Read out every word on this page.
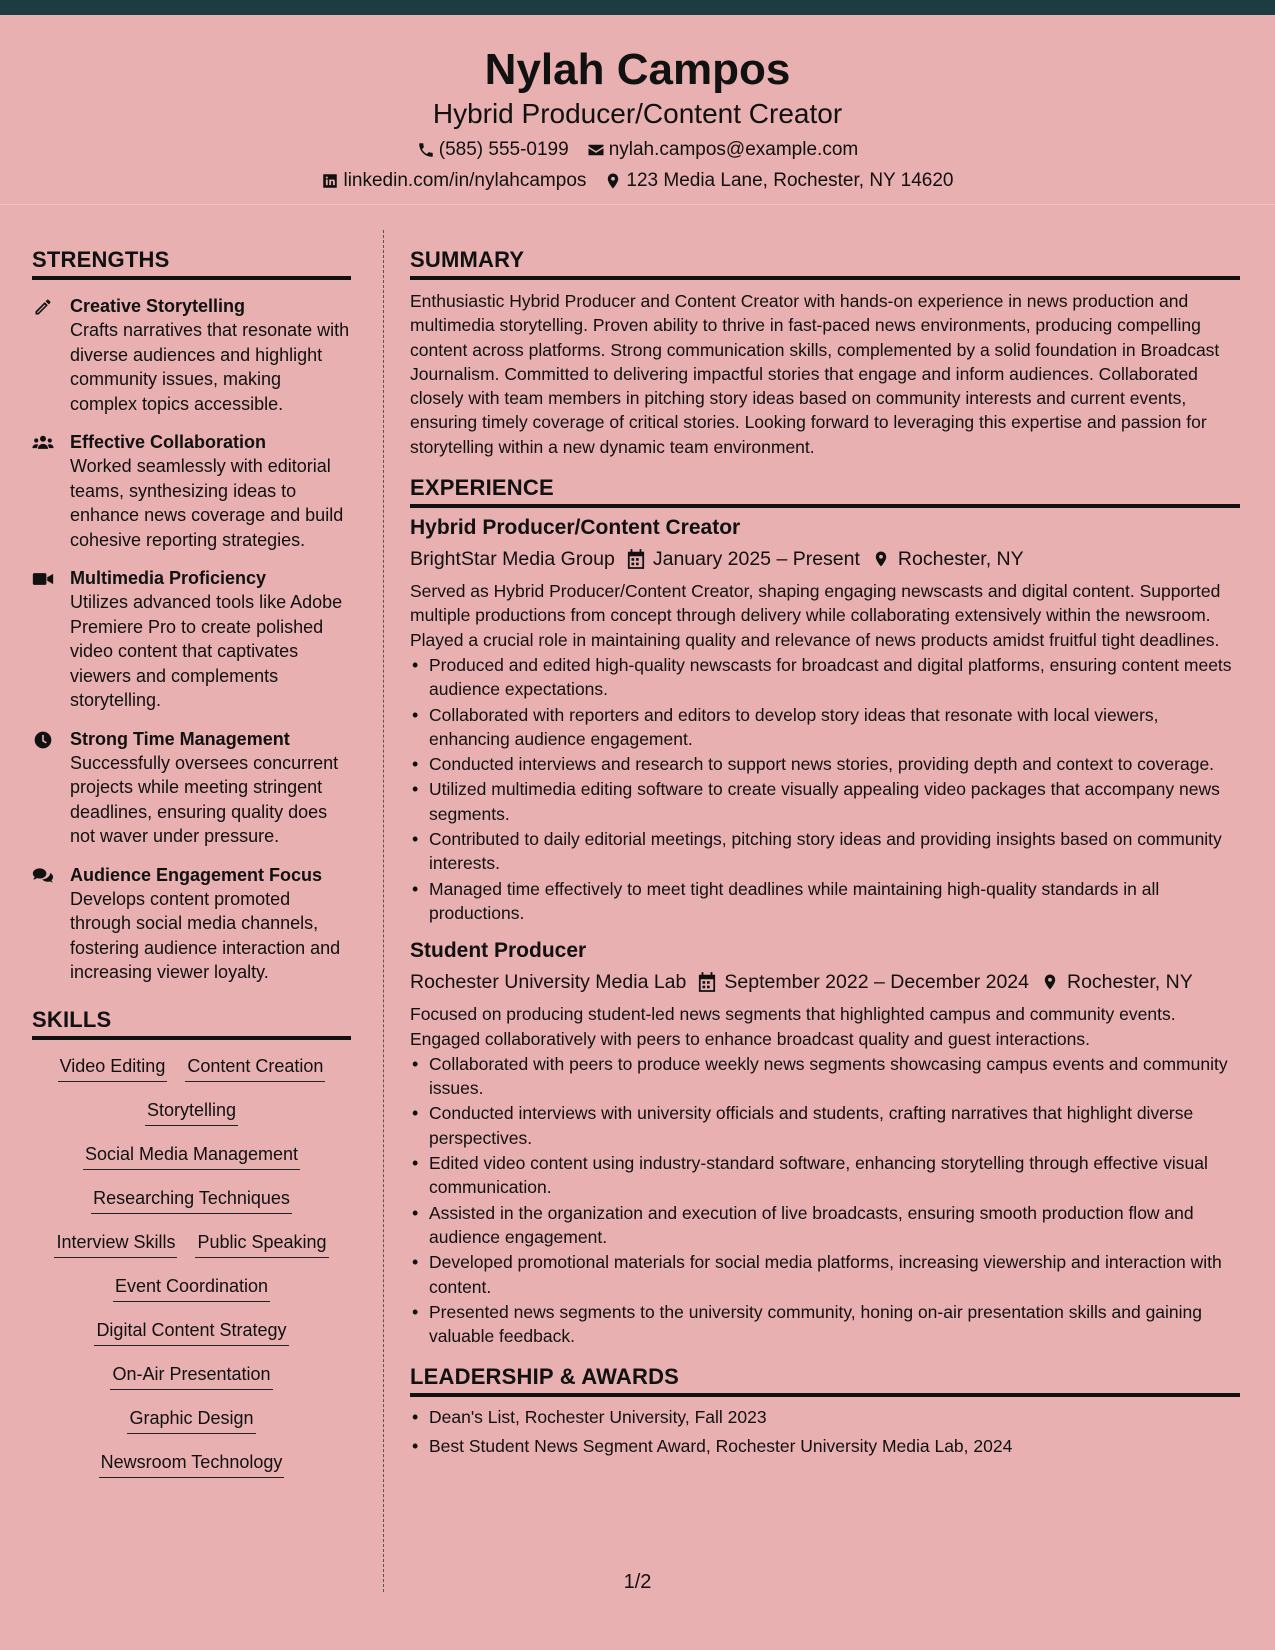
Nylah Campos
Hybrid Producer/Content Creator
(585) 555-0199 nylah.campos@example.com
linkedin.com/in/nylahcampos 123 Media Lane, Rochester, NY 14620
STRENGTHS
Creative Storytelling
Crafts narratives that resonate with diverse audiences and highlight community issues, making complex topics accessible.
Effective Collaboration
Worked seamlessly with editorial teams, synthesizing ideas to enhance news coverage and build cohesive reporting strategies.
Multimedia Proficiency
Utilizes advanced tools like Adobe Premiere Pro to create polished video content that captivates viewers and complements storytelling.
Strong Time Management
Successfully oversees concurrent projects while meeting stringent deadlines, ensuring quality does not waver under pressure.
Audience Engagement Focus
Develops content promoted through social media channels, fostering audience interaction and increasing viewer loyalty.
SKILLS
Video Editing Content Creation
Storytelling
Social Media Management
Researching Techniques
Interview Skills Public Speaking
Event Coordination
Digital Content Strategy
On-Air Presentation
Graphic Design
Newsroom Technology
SUMMARY
Enthusiastic Hybrid Producer and Content Creator with hands-on experience in news production and multimedia storytelling. Proven ability to thrive in fast-paced news environments, producing compelling content across platforms. Strong communication skills, complemented by a solid foundation in Broadcast Journalism. Committed to delivering impactful stories that engage and inform audiences. Collaborated closely with team members in pitching story ideas based on community interests and current events, ensuring timely coverage of critical stories. Looking forward to leveraging this expertise and passion for storytelling within a new dynamic team environment.
EXPERIENCE
Hybrid Producer/Content Creator
BrightStar Media Group January 2025 – Present Rochester, NY
Served as Hybrid Producer/Content Creator, shaping engaging newscasts and digital content. Supported multiple productions from concept through delivery while collaborating extensively within the newsroom. Played a crucial role in maintaining quality and relevance of news products amidst fruitful tight deadlines.
• Produced and edited high-quality newscasts for broadcast and digital platforms, ensuring content meets audience expectations.
• Collaborated with reporters and editors to develop story ideas that resonate with local viewers, enhancing audience engagement.
• Conducted interviews and research to support news stories, providing depth and context to coverage.
• Utilized multimedia editing software to create visually appealing video packages that accompany news segments.
• Contributed to daily editorial meetings, pitching story ideas and providing insights based on community interests.
• Managed time effectively to meet tight deadlines while maintaining high-quality standards in all productions.
Student Producer
Rochester University Media Lab September 2022 – December 2024 Rochester, NY
Focused on producing student-led news segments that highlighted campus and community events. Engaged collaboratively with peers to enhance broadcast quality and guest interactions.
• Collaborated with peers to produce weekly news segments showcasing campus events and community issues.
• Conducted interviews with university officials and students, crafting narratives that highlight diverse perspectives.
• Edited video content using industry-standard software, enhancing storytelling through effective visual communication.
• Assisted in the organization and execution of live broadcasts, ensuring smooth production flow and audience engagement.
• Developed promotional materials for social media platforms, increasing viewership and interaction with content.
• Presented news segments to the university community, honing on-air presentation skills and gaining valuable feedback.
LEADERSHIP & AWARDS
• Dean's List, Rochester University, Fall 2023
• Best Student News Segment Award, Rochester University Media Lab, 2024
1/2
